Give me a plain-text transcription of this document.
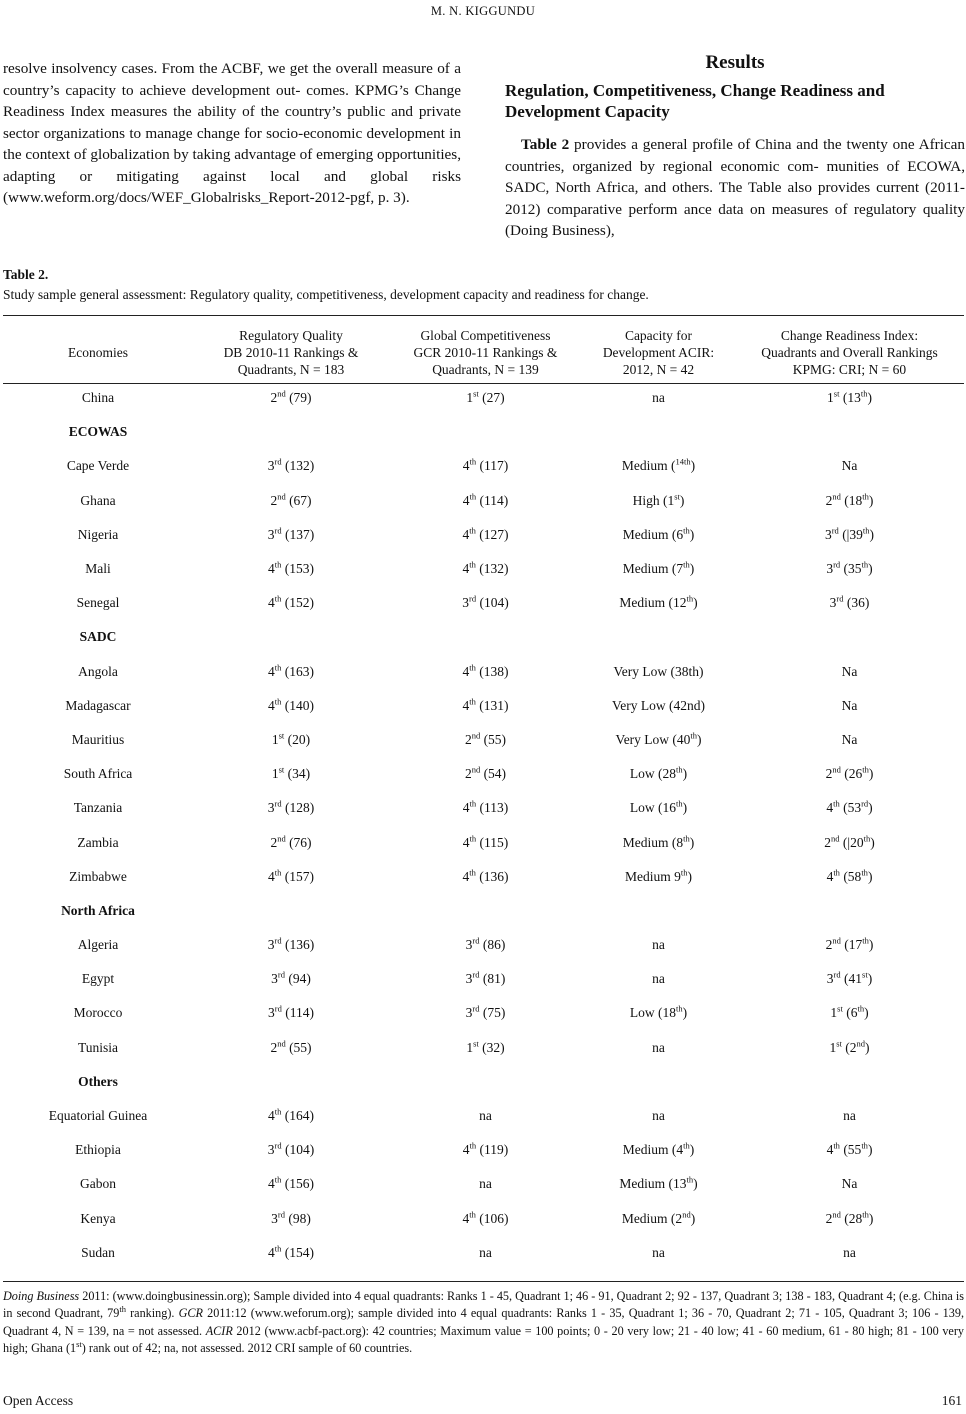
M. N. KIGGUNDU

resolve insolvency cases. From the ACBF, we get the overall measure of a country’s capacity to achieve development out- comes. KPMG’s Change Readiness Index measures the ability of the country’s public and private sector organizations to manage change for socio-economic development in the context of globalization by taking advantage of emerging opportunities, adapting or mitigating against local and global risks (www.weform.org/docs/WEF_Globalrisks_Report-2012-pgf, p. 3).

Results
Regulation, Competitiveness, Change Readiness and Development Capacity

Table 2 provides a general profile of China and the twenty one African countries, organized by regional economic com- munities of ECOWA, SADC, North Africa, and others. The Table also provides current (2011-2012) comparative perform ance data on measures of regulatory quality (Doing Business),

Table 2.
Study sample general assessment: Regulatory quality, competitiveness, development capacity and readiness for change.
Economies	Regulatory Quality
DB 2010-11 Rankings &
Quadrants, N = 183	Global Competitiveness
GCR 2010-11 Rankings &
Quadrants, N = 139	Capacity for
Development ACIR:
2012, N = 42	Change Readiness Index:
Quadrants and Overall Rankings
KPMG: CRI; N = 60
China	2nd (79)	1st (27)	na	1st (13th)
ECOWAS				
Cape Verde	3rd (132)	4th (117)	Medium ($^{14th}$)	Na
Ghana	2nd (67)	4th (114)	High (1st)	2nd (18th)
Nigeria	3rd (137)	4th (127)	Medium (6th)	3rd (|39th)
Mali	4th (153)	4th (132)	Medium (7th)	3rd (35th)
Senegal	4th (152)	3rd (104)	Medium (12th)	3rd (36)
SADC				
Angola	4th (163)	4th (138)	Very Low (38th)	Na
Madagascar	4th (140)	4th (131)	Very Low (42nd)	Na
Mauritius	1st (20)	2nd (55)	Very Low (40th)	Na
South Africa	1st (34)	2nd (54)	Low (28th)	2nd (26th)
Tanzania	3rd (128)	4th (113)	Low (16th)	4th (53rd)
Zambia	2nd (76)	4th (115)	Medium (8th)	2nd (|20th)
Zimbabwe	4th (157)	4th (136)	Medium 9th)	4th (58th)
North Africa				
Algeria	3rd (136)	3rd (86)	na	2nd (17th)
Egypt	3rd (94)	3rd (81)	na	3rd (41st)
Morocco	3rd (114)	3rd (75)	Low (18th)	1st (6th)
Tunisia	2nd (55)	1st (32)	na	1st (2nd)
Others				
Equatorial Guinea	4th (164)	na	na	na
Ethiopia	3rd (104)	4th (119)	Medium (4th)	4th (55th)
Gabon	4th (156)	na	Medium (13th)	Na
Kenya	3rd (98)	4th (106)	Medium (2nd)	2nd (28th)
Sudan	4th (154)	na	na	na
Doing Business 2011: (www.doingbusinessin.org); Sample divided into 4 equal quadrants: Ranks 1 - 45, Quadrant 1; 46 - 91, Quadrant 2; 92 - 137, Quadrant 3; 138 - 183, Quadrant 4; (e.g. China is in second Quadrant, 79th ranking). GCR 2011:12 (www.weforum.org); sample divided into 4 equal quadrants: Ranks 1 - 35, Quadrant 1; 36 - 70, Quadrant 2; 71 - 105, Quadrant 3; 106 - 139, Quadrant 4, N = 139, na = not assessed. ACIR 2012 (www.acbf-pact.org): 42 countries; Maximum value = 100 points; 0 - 20 very low; 21 - 40 low; 41 - 60 medium, 61 - 80 high; 81 - 100 very high; Ghana (1st) rank out of 42; na, not assessed. 2012 CRI sample of 60 countries.
Open Access	161
